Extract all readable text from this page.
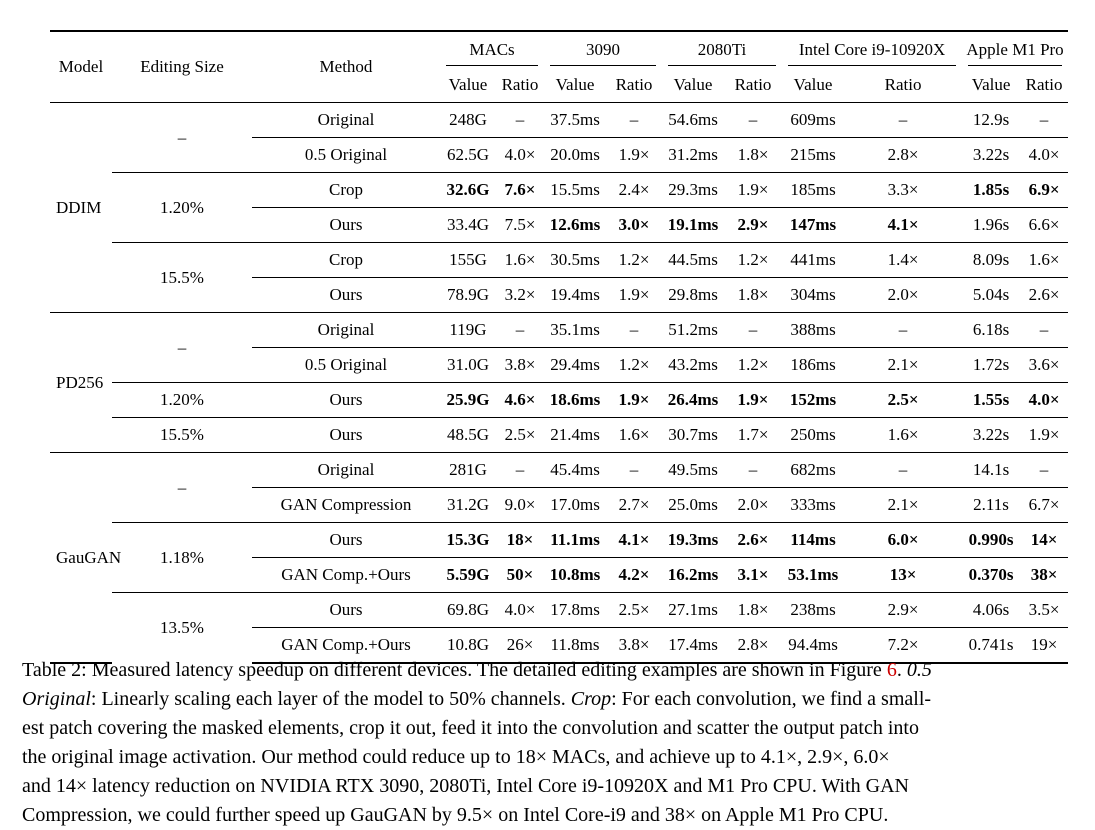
Model	Editing Size	Method	MACs		3090		2080Ti		Intel Core i9-10920X		Apple M1 Pro	
			Value	Ratio	Value	Ratio	Value	Ratio	Value	Ratio	Value	Ratio
DDIM	–	Original	248G	–	37.5ms	–	54.6ms	–	609ms	–	12.9s	–
		0.5 Original	62.5G	4.0×	20.0ms	1.9×	31.2ms	1.8×	215ms	2.8×	3.22s	4.0×
	1.20%	Crop	32.6G	7.6×	15.5ms	2.4×	29.3ms	1.9×	185ms	3.3×	1.85s	6.9×
		Ours	33.4G	7.5×	12.6ms	3.0×	19.1ms	2.9×	147ms	4.1×	1.96s	6.6×
	15.5%	Crop	155G	1.6×	30.5ms	1.2×	44.5ms	1.2×	441ms	1.4×	8.09s	1.6×
		Ours	78.9G	3.2×	19.4ms	1.9×	29.8ms	1.8×	304ms	2.0×	5.04s	2.6×
PD256	–	Original	119G	–	35.1ms	–	51.2ms	–	388ms	–	6.18s	–
		0.5 Original	31.0G	3.8×	29.4ms	1.2×	43.2ms	1.2×	186ms	2.1×	1.72s	3.6×
	1.20%	Ours	25.9G	4.6×	18.6ms	1.9×	26.4ms	1.9×	152ms	2.5×	1.55s	4.0×
	15.5%	Ours	48.5G	2.5×	21.4ms	1.6×	30.7ms	1.7×	250ms	1.6×	3.22s	1.9×
GauGAN	–	Original	281G	–	45.4ms	–	49.5ms	–	682ms	–	14.1s	–
		GAN Compression	31.2G	9.0×	17.0ms	2.7×	25.0ms	2.0×	333ms	2.1×	2.11s	6.7×
	1.18%	Ours	15.3G	18×	11.1ms	4.1×	19.3ms	2.6×	114ms	6.0×	0.990s	14×
		GAN Comp.+Ours	5.59G	50×	10.8ms	4.2×	16.2ms	3.1×	53.1ms	13×	0.370s	38×
	13.5%	Ours	69.8G	4.0×	17.8ms	2.5×	27.1ms	1.8×	238ms	2.9×	4.06s	3.5×
		GAN Comp.+Ours	10.8G	26×	11.8ms	3.8×	17.4ms	2.8×	94.4ms	7.2×	0.741s	19×
Table 2: Measured latency speedup on different devices. The detailed editing examples are shown in Figure 6. 0.5
Original: Linearly scaling each layer of the model to 50% channels. Crop: For each convolution, we find a small-
est patch covering the masked elements, crop it out, feed it into the convolution and scatter the output patch into
the original image activation. Our method could reduce up to 18× MACs, and achieve up to 4.1×, 2.9×, 6.0×
and 14× latency reduction on NVIDIA RTX 3090, 2080Ti, Intel Core i9-10920X and M1 Pro CPU. With GAN
Compression, we could further speed up GauGAN by 9.5× on Intel Core-i9 and 38× on Apple M1 Pro CPU.
